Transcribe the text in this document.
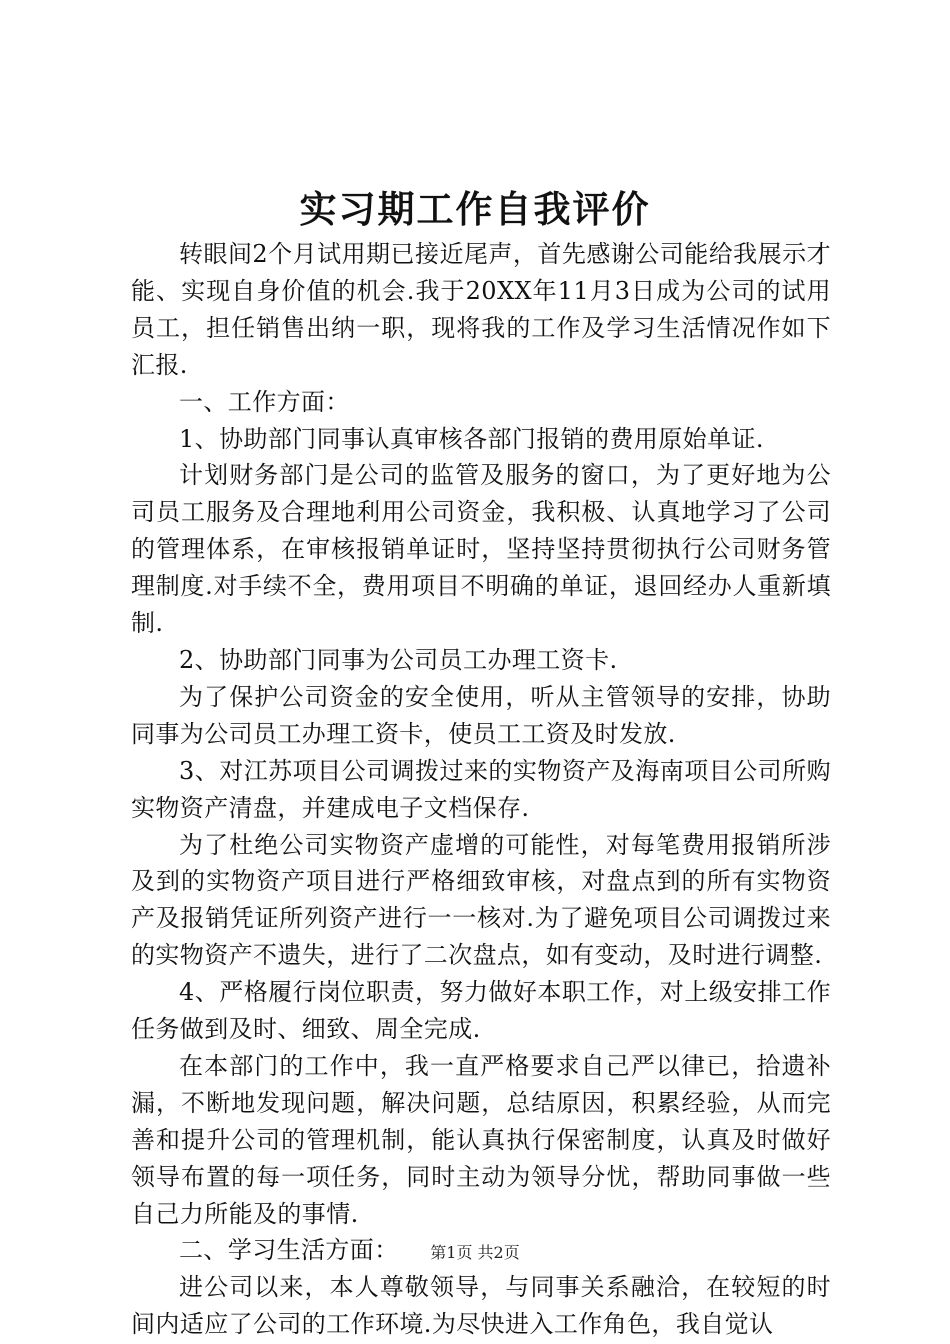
实习期工作自我评价

转眼间2个月试用期已接近尾声，首先感谢公司能给我展示才能、实现自身价值的机会.我于20XX年11月3日成为公司的试用员工，担任销售出纳一职，现将我的工作及学习生活情况作如下汇报.

一、工作方面：

1、协助部门同事认真审核各部门报销的费用原始单证.

计划财务部门是公司的监管及服务的窗口，为了更好地为公司员工服务及合理地利用公司资金，我积极、认真地学习了公司的管理体系，在审核报销单证时，坚持坚持贯彻执行公司财务管理制度.对手续不全，费用项目不明确的单证，退回经办人重新填制.

2、协助部门同事为公司员工办理工资卡.

为了保护公司资金的安全使用，听从主管领导的安排，协助同事为公司员工办理工资卡，使员工工资及时发放.

3、对江苏项目公司调拨过来的实物资产及海南项目公司所购实物资产清盘，并建成电子文档保存.

为了杜绝公司实物资产虚增的可能性，对每笔费用报销所涉及到的实物资产项目进行严格细致审核，对盘点到的所有实物资产及报销凭证所列资产进行一一核对.为了避免项目公司调拨过来的实物资产不遗失，进行了二次盘点，如有变动，及时进行调整.

4、严格履行岗位职责，努力做好本职工作，对上级安排工作任务做到及时、细致、周全完成.

在本部门的工作中，我一直严格要求自己严以律已，拾遗补漏，不断地发现问题，解决问题，总结原因，积累经验，从而完善和提升公司的管理机制，能认真执行保密制度，认真及时做好领导布置的每一项任务，同时主动为领导分忧，帮助同事做一些自己力所能及的事情.

二、学习生活方面：

进公司以来，本人尊敬领导，与同事关系融洽，在较短的时间内适应了公司的工作环境.为尽快进入工作角色，我自觉认

第1页 共2页
